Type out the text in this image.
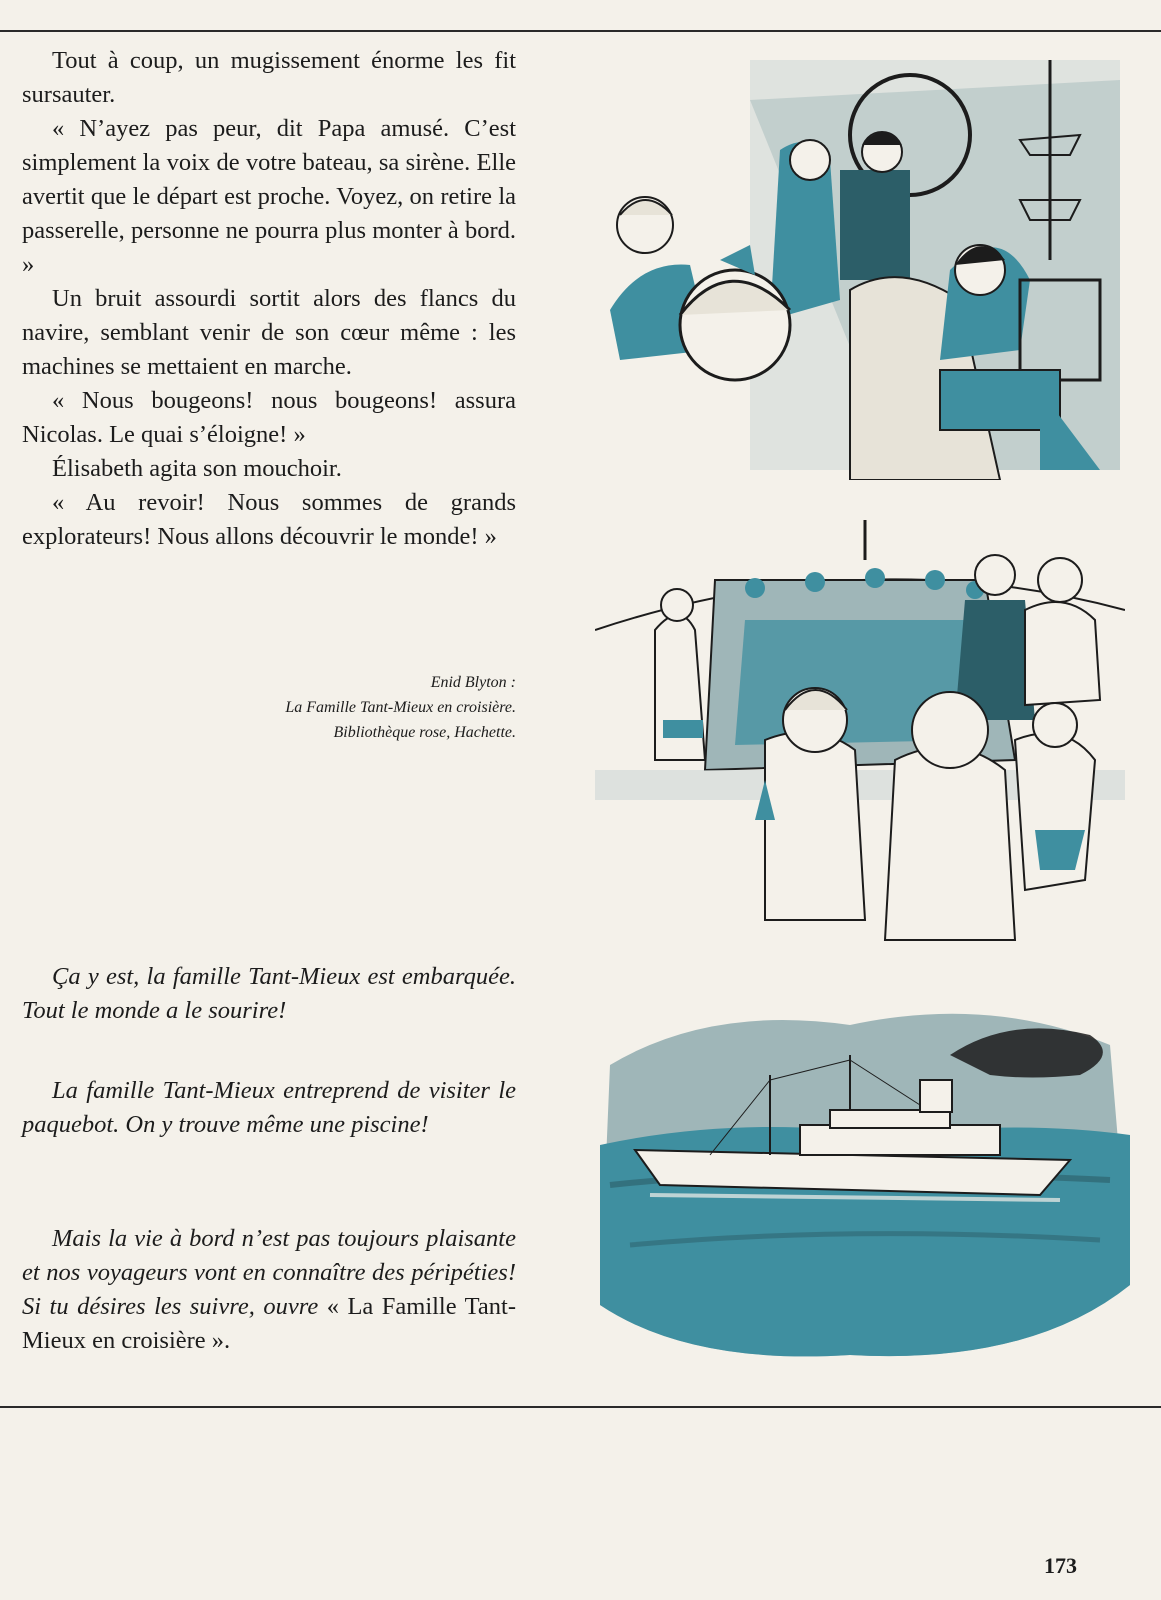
Tout à coup, un mugissement énorme les fit sursauter.

« N’ayez pas peur, dit Papa amusé. C’est simplement la voix de votre bateau, sa sirène. Elle avertit que le départ est proche. Voyez, on retire la passerelle, personne ne pourra plus monter à bord. »

Un bruit assourdi sortit alors des flancs du navire, semblant venir de son cœur même : les machines se mettaient en marche.

« Nous bougeons! nous bougeons! assura Nicolas. Le quai s’éloigne! »

Élisabeth agita son mouchoir.

« Au revoir! Nous sommes de grands explorateurs! Nous allons découvrir le monde! »

Enid Blyton :
La Famille Tant-Mieux en croisière.
Bibliothèque rose, Hachette.

Ça y est, la famille Tant-Mieux est embarquée. Tout le monde a le sourire!

La famille Tant-Mieux entreprend de visiter le paquebot. On y trouve même une piscine!

Mais la vie à bord n’est pas toujours plaisante et nos voyageurs vont en connaître des péripéties! Si tu désires les suivre, ouvre « La Famille Tant-Mieux en croisière ».

173
